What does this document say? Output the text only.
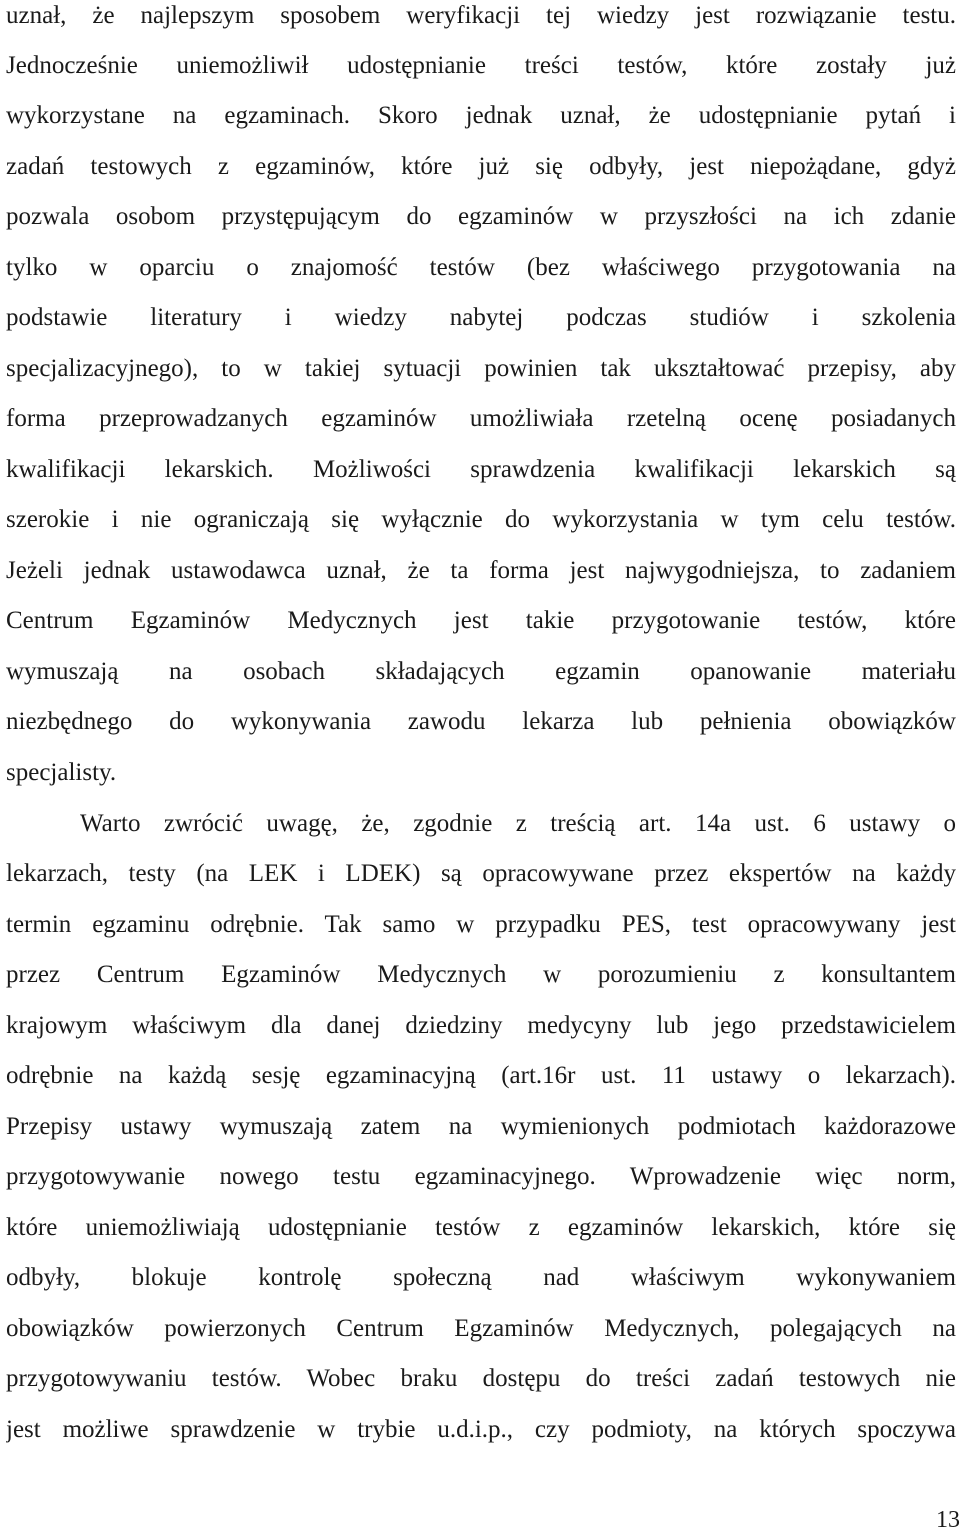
uznał, że najlepszym sposobem weryfikacji tej wiedzy jest rozwiązanie testu.
Jednocześnie uniemożliwił udostępnianie treści testów, które zostały już
wykorzystane na egzaminach. Skoro jednak uznał, że udostępnianie pytań i
zadań testowych z egzaminów, które już się odbyły, jest niepożądane, gdyż
pozwala osobom przystępującym do egzaminów w przyszłości na ich zdanie
tylko w oparciu o znajomość testów (bez właściwego przygotowania na
podstawie literatury i wiedzy nabytej podczas studiów i szkolenia
specjalizacyjnego), to w takiej sytuacji powinien tak ukształtować przepisy, aby
forma przeprowadzanych egzaminów umożliwiała rzetelną ocenę posiadanych
kwalifikacji lekarskich. Możliwości sprawdzenia kwalifikacji lekarskich są
szerokie i nie ograniczają się wyłącznie do wykorzystania w tym celu testów.
Jeżeli jednak ustawodawca uznał, że ta forma jest najwygodniejsza, to zadaniem
Centrum Egzaminów Medycznych jest takie przygotowanie testów, które
wymuszają na osobach składających egzamin opanowanie materiału
niezbędnego do wykonywania zawodu lekarza lub pełnienia obowiązków
specjalisty.
Warto zwrócić uwagę, że, zgodnie z treścią art. 14a ust. 6 ustawy o
lekarzach, testy (na LEK i LDEK) są opracowywane przez ekspertów na każdy
termin egzaminu odrębnie. Tak samo w przypadku PES, test opracowywany jest
przez Centrum Egzaminów Medycznych w porozumieniu z konsultantem
krajowym właściwym dla danej dziedziny medycyny lub jego przedstawicielem
odrębnie na każdą sesję egzaminacyjną (art.16r ust. 11 ustawy o lekarzach).
Przepisy ustawy wymuszają zatem na wymienionych podmiotach każdorazowe
przygotowywanie nowego testu egzaminacyjnego. Wprowadzenie więc norm,
które uniemożliwiają udostępnianie testów z egzaminów lekarskich, które się
odbyły, blokuje kontrolę społeczną nad właściwym wykonywaniem
obowiązków powierzonych Centrum Egzaminów Medycznych, polegających na
przygotowywaniu testów. Wobec braku dostępu do treści zadań testowych nie
jest możliwe sprawdzenie w trybie u.d.i.p., czy podmioty, na których spoczywa
13
